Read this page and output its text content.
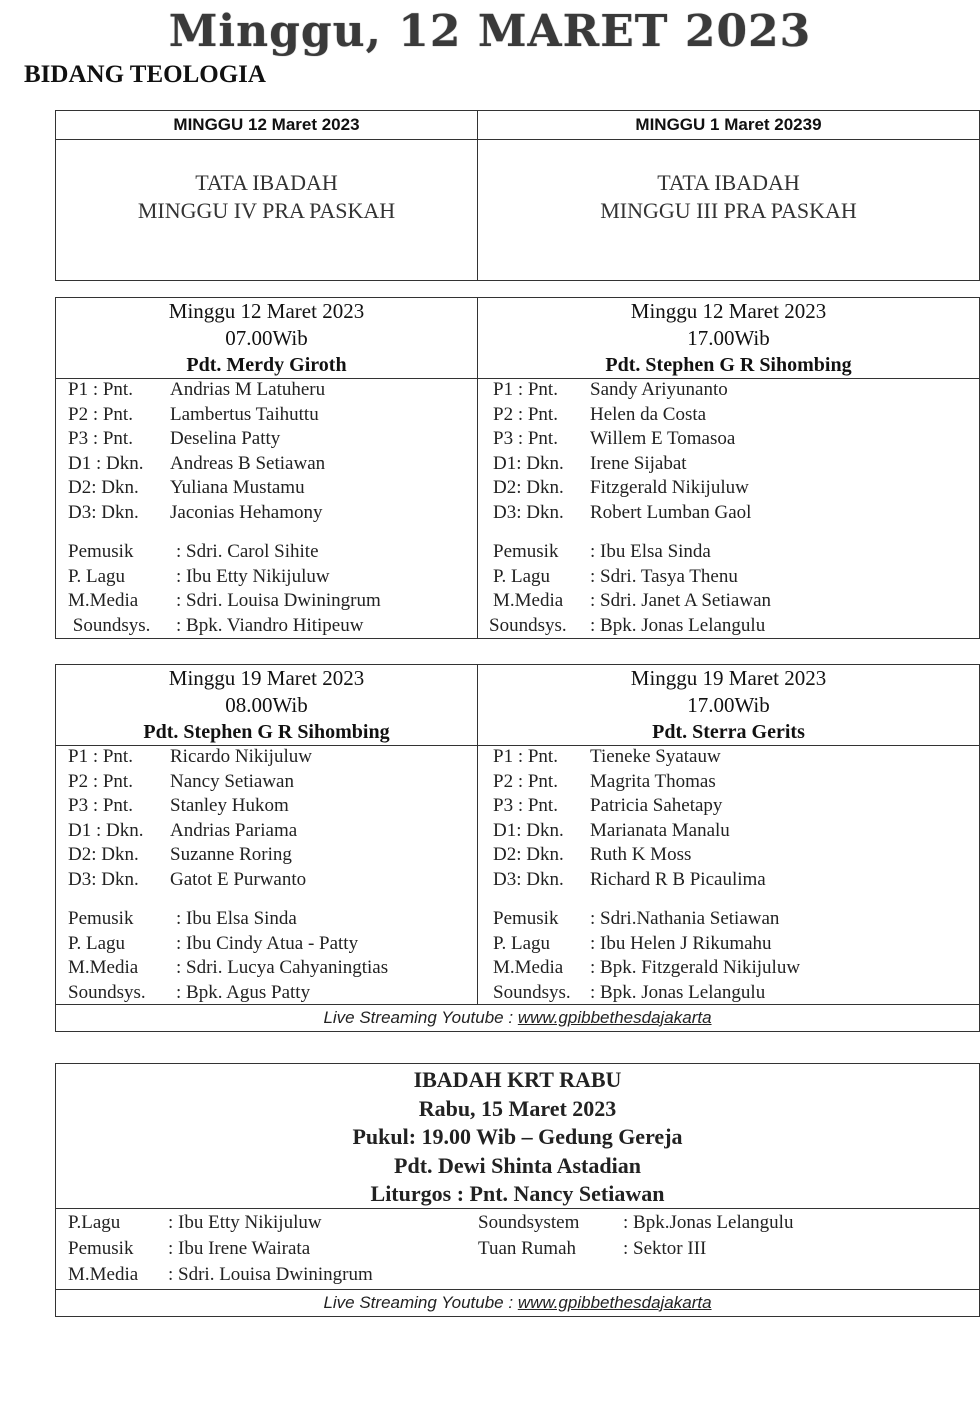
Minggu, 12 MARET 2023
BIDANG TEOLOGIA
MINGGU 12 Maret 2023
TATA IBADAH
MINGGU IV PRA PASKAH
MINGGU 1 Maret 20239
TATA IBADAH
MINGGU III PRA PASKAH
Minggu 12 Maret 2023
07.00Wib
Pdt. Merdy Giroth
P1 : Pnt.	Andrias M Latuheru
P2 : Pnt.	Lambertus Taihuttu
P3 : Pnt.	Deselina Patty
D1 : Dkn.	Andreas B Setiawan
D2: Dkn.	Yuliana Mustamu
D3: Dkn.	Jaconias Hehamony
Pemusik	: Sdri. Carol Sihite
P. Lagu	: Ibu Etty Nikijuluw
M.Media	: Sdri. Louisa Dwiningrum
Soundsys.	: Bpk. Viandro Hitipeuw
Minggu 12 Maret 2023
17.00Wib
Pdt. Stephen G R Sihombing
P1 : Pnt.	Sandy Ariyunanto
P2 : Pnt.	Helen da Costa
P3 : Pnt.	Willem E Tomasoa
D1: Dkn.	Irene Sijabat
D2: Dkn.	Fitzgerald Nikijuluw
D3: Dkn.	Robert Lumban Gaol
Pemusik	: Ibu Elsa Sinda
P. Lagu	: Sdri. Tasya Thenu
M.Media	: Sdri. Janet A Setiawan
Soundsys.	: Bpk. Jonas Lelangulu
Minggu 19 Maret 2023
08.00Wib
Pdt. Stephen G R Sihombing
P1 : Pnt.	Ricardo Nikijuluw
P2 : Pnt.	Nancy Setiawan
P3 : Pnt.	Stanley Hukom
D1 : Dkn.	Andrias Pariama
D2: Dkn.	Suzanne Roring
D3: Dkn.	Gatot E Purwanto
Pemusik	: Ibu Elsa Sinda
P. Lagu	: Ibu Cindy Atua - Patty
M.Media	: Sdri. Lucya Cahyaningtias
Soundsys.	: Bpk. Agus Patty
Minggu 19 Maret 2023
17.00Wib
Pdt. Sterra Gerits
P1 : Pnt.	Tieneke Syatauw
P2 : Pnt.	Magrita Thomas
P3 : Pnt.	Patricia Sahetapy
D1: Dkn.	Marianata Manalu
D2: Dkn.	Ruth K Moss
D3: Dkn.	Richard R B Picaulima
Pemusik	: Sdri.Nathania Setiawan
P. Lagu	: Ibu Helen J Rikumahu
M.Media	: Bpk. Fitzgerald Nikijuluw
Soundsys.	: Bpk. Jonas Lelangulu
Live Streaming Youtube : www.gpibbethesdajakarta
IBADAH KRT RABU
Rabu, 15 Maret 2023
Pukul: 19.00 Wib – Gedung Gereja
Pdt. Dewi Shinta Astadian
Liturgos : Pnt. Nancy Setiawan
P.Lagu	: Ibu Etty Nikijuluw
Pemusik : Ibu Irene Wairata
M.Media : Sdri. Louisa Dwiningrum
Soundsystem : Bpk.Jonas Lelangulu
Tuan Rumah : Sektor III
Live Streaming Youtube : www.gpibbethesdajakarta
